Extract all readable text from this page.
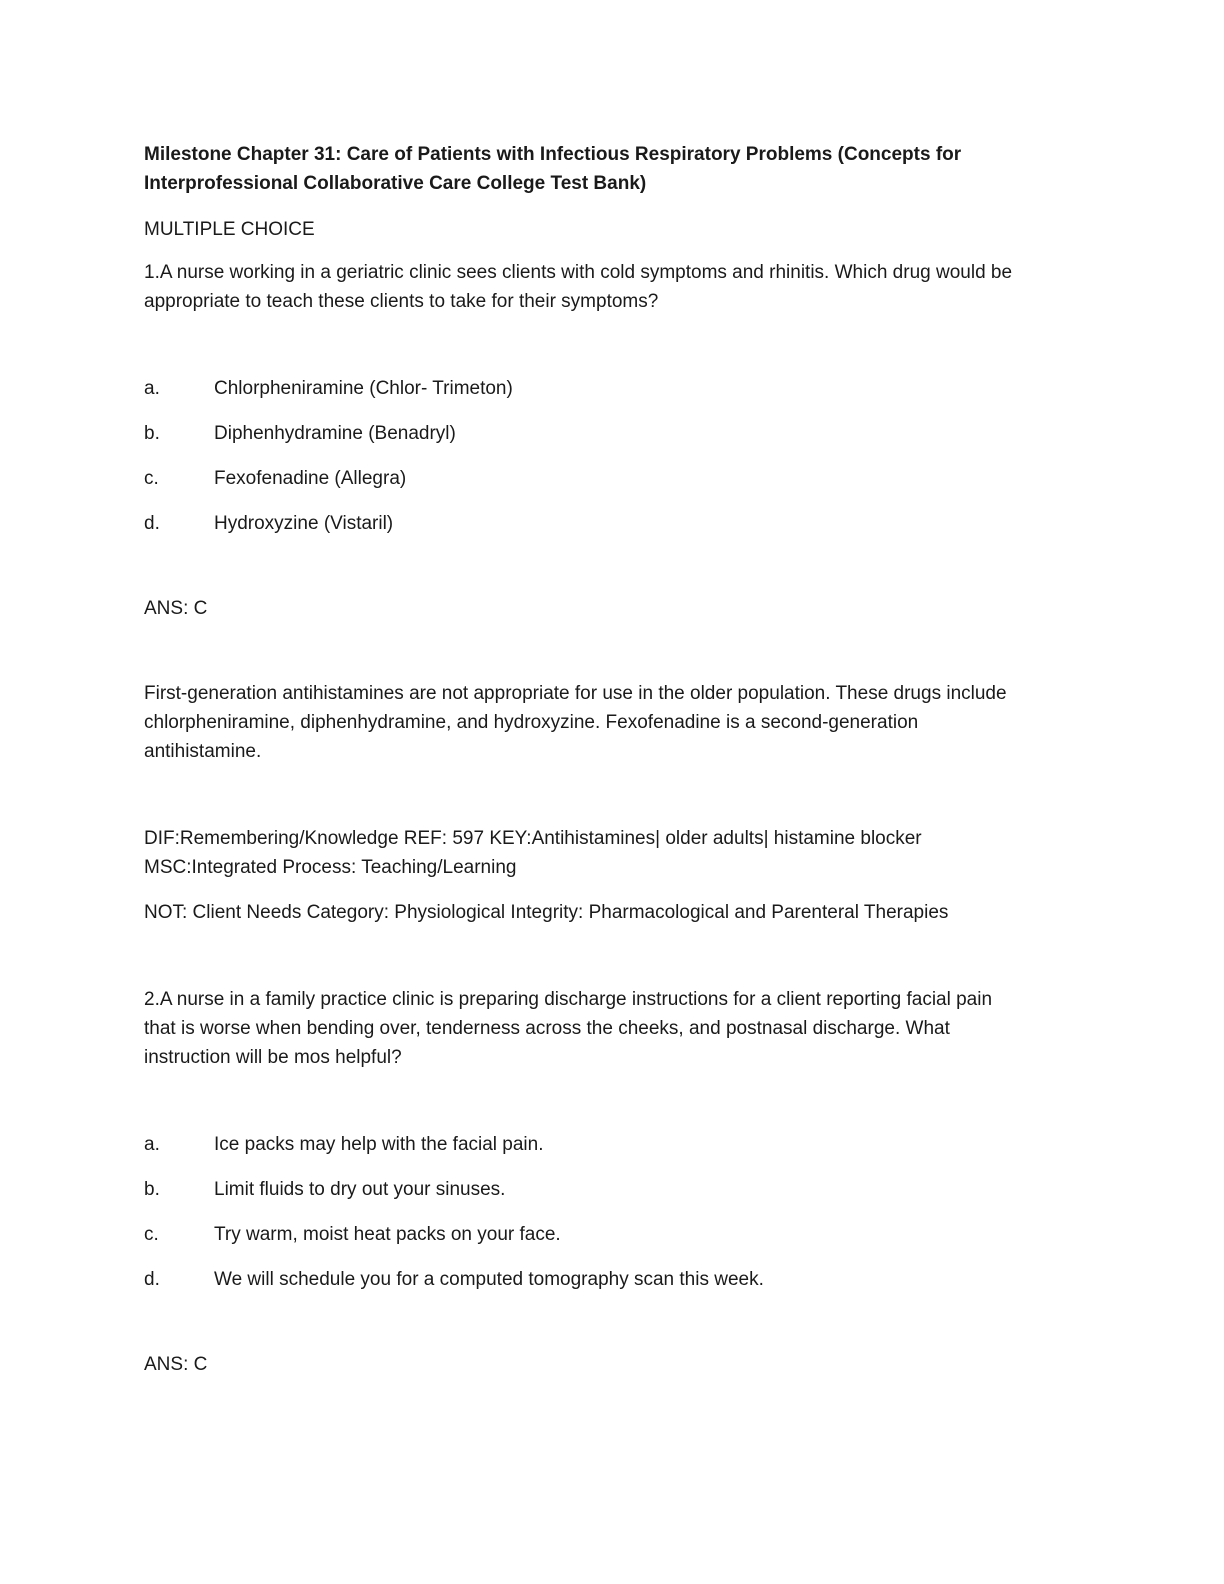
Milestone Chapter 31: Care of Patients with Infectious Respiratory Problems (Concepts for
Interprofessional Collaborative Care College Test Bank)

MULTIPLE CHOICE

1.A nurse working in a geriatric clinic sees clients with cold symptoms and rhinitis. Which drug would be
appropriate to teach these clients to take for their symptoms?
a.	Chlorpheniramine (Chlor- Trimeton)
b.	Diphenhydramine (Benadryl)
c.	Fexofenadine (Allegra)
d.	Hydroxyzine (Vistaril)

ANS: C

First-generation antihistamines are not appropriate for use in the older population. These drugs include
chlorpheniramine, diphenhydramine, and hydroxyzine. Fexofenadine is a second-generation
antihistamine.

DIF:Remembering/Knowledge REF: 597 KEY:Antihistamines| older adults| histamine blocker

MSC:Integrated Process: Teaching/Learning

NOT: Client Needs Category: Physiological Integrity: Pharmacological and Parenteral Therapies

2.A nurse in a family practice clinic is preparing discharge instructions for a client reporting facial pain
that is worse when bending over, tenderness across the cheeks, and postnasal discharge. What
instruction will be mos helpful?
a.	Ice packs may help with the facial pain.
b.	Limit fluids to dry out your sinuses.
c.	Try warm, moist heat packs on your face.
d.	We will schedule you for a computed tomography scan this week.

ANS: C
